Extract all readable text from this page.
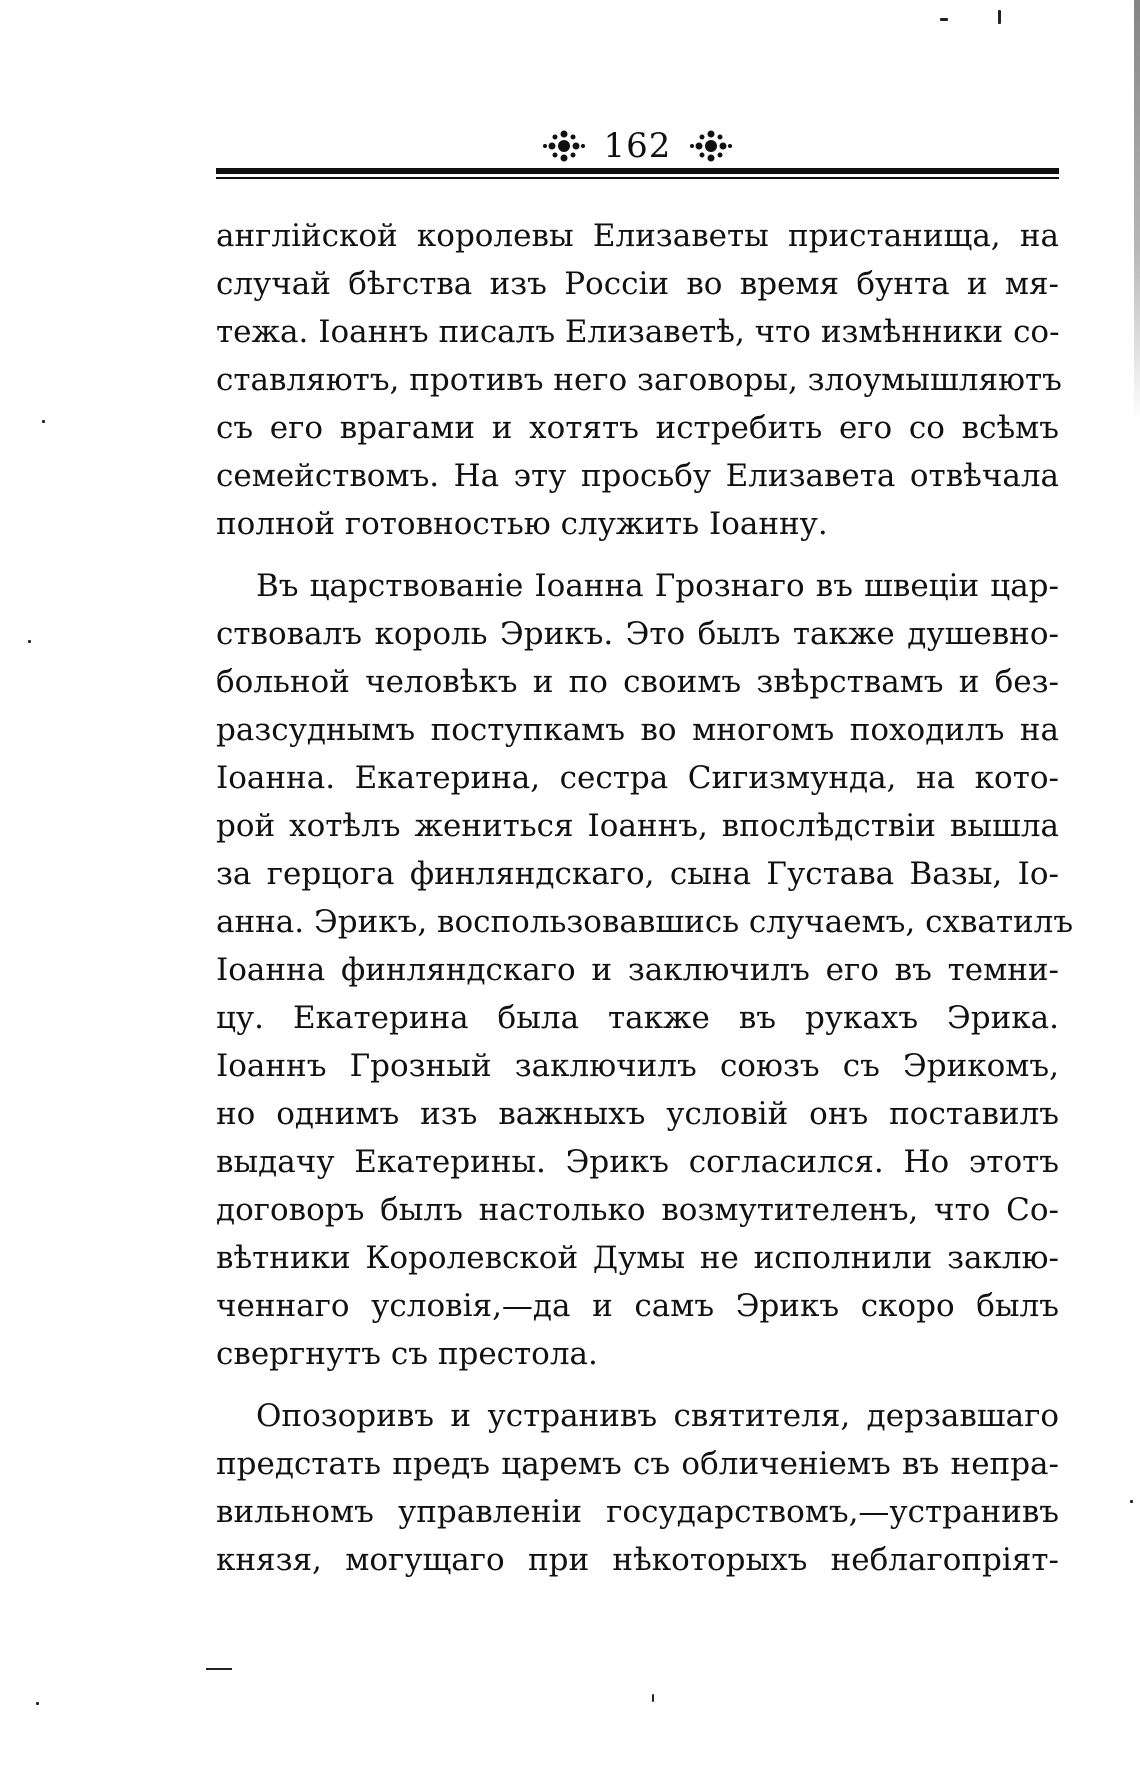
162
англійской королевы Елизаветы пристанища, на
случай бѣгства изъ Россіи во время бунта и мя-
тежа. Іоаннъ писалъ Елизаветѣ, что измѣнники со-
ставляютъ, противъ него заговоры, злоумышляютъ
съ его врагами и хотятъ истребить его со всѣмъ
семействомъ. На эту просьбу Елизавета отвѣчала
полной готовностью служить Іоанну.
Въ царствованіе Іоанна Грознаго въ швеціи цар-
ствовалъ король Эрикъ. Это былъ также душевно-
больной человѣкъ и по своимъ звѣрствамъ и без-
разсуднымъ поступкамъ во многомъ походилъ на
Іоанна. Екатерина, сестра Сигизмунда, на кото-
рой хотѣлъ жениться Іоаннъ, впослѣдствіи вышла
за герцога финляндскаго, сына Густава Вазы, Іо-
анна. Эрикъ, воспользовавшись случаемъ, схватилъ
Іоанна финляндскаго и заключилъ его въ темни-
цу. Екатерина была также въ рукахъ Эрика.
Іоаннъ Грозный заключилъ союзъ съ Эрикомъ,
но однимъ изъ важныхъ условій онъ поставилъ
выдачу Екатерины. Эрикъ согласился. Но этотъ
договоръ былъ настолько возмутителенъ, что Со-
вѣтники Королевской Думы не исполнили заклю-
ченнаго условія,—да и самъ Эрикъ скоро былъ
свергнутъ съ престола.
Опозоривъ и устранивъ святителя, дерзавшаго
предстать предъ царемъ съ обличеніемъ въ непра-
вильномъ управленіи государствомъ,—устранивъ
князя, могущаго при нѣкоторыхъ неблагопріят-
